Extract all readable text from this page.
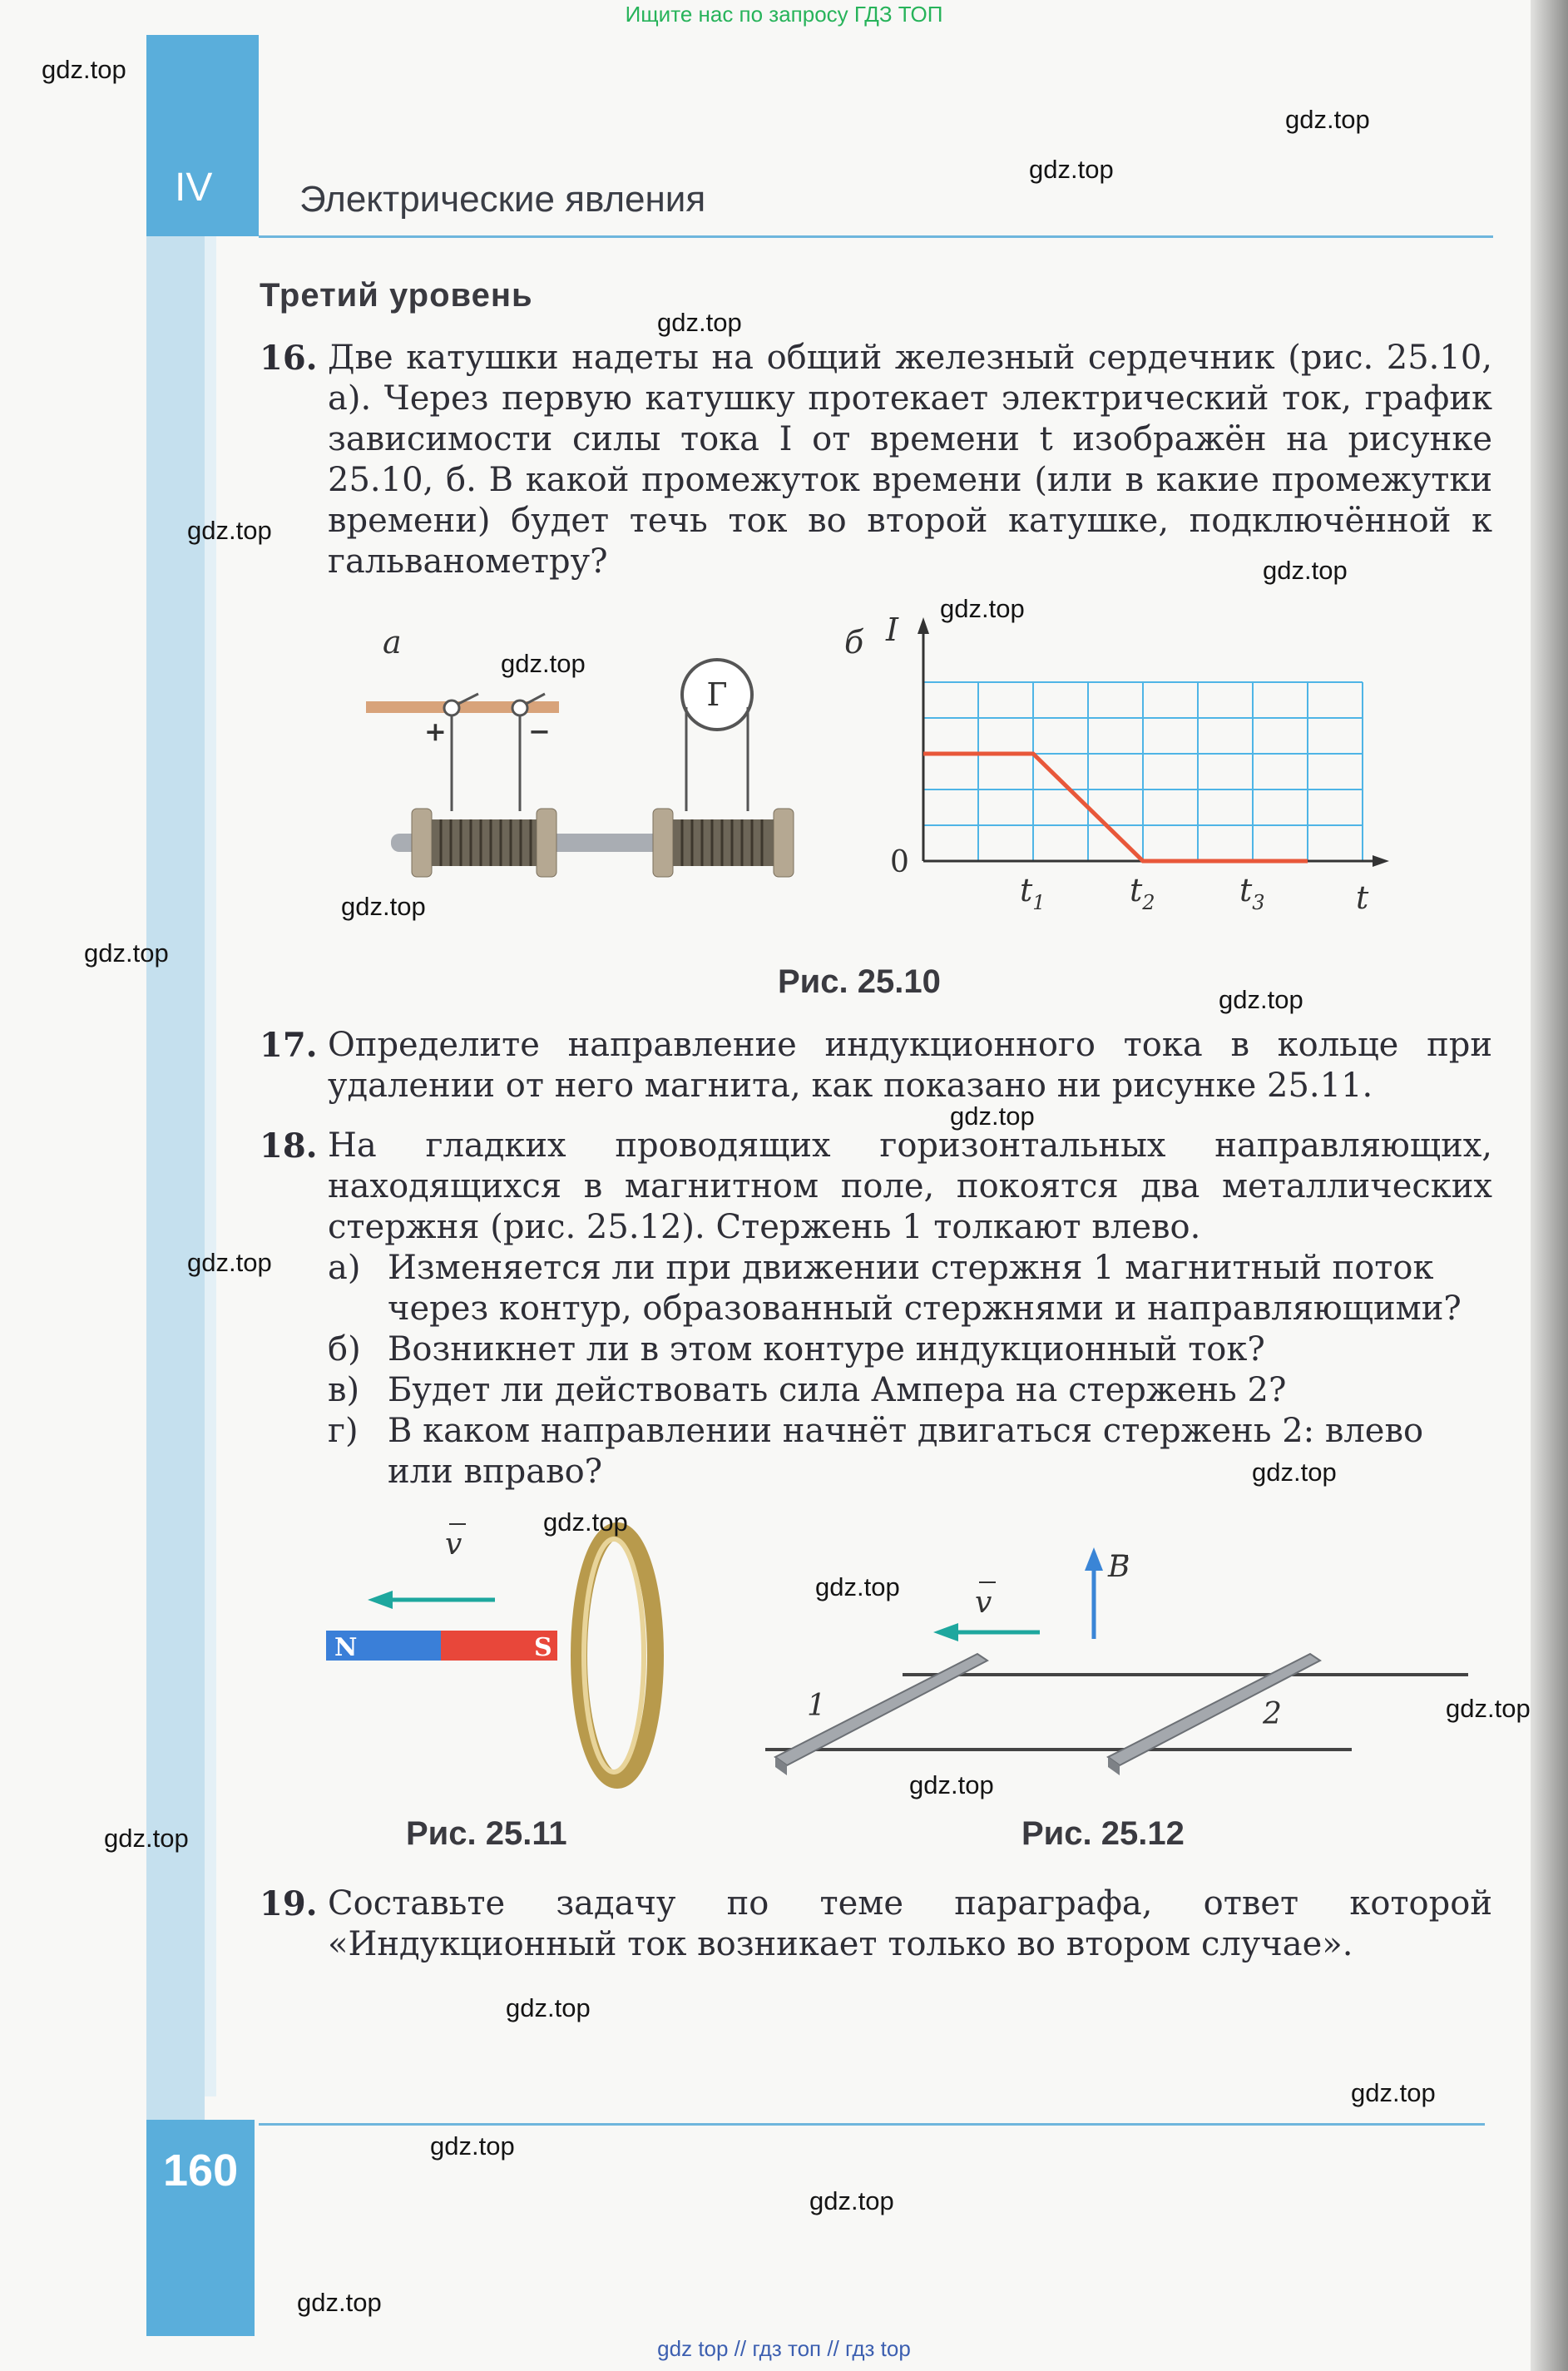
Ищите нас по запросу ГДЗ ТОП
IV Электрические явления
Третий уровень
16. Две катушки надеты на общий железный сердечник (рис. 25.10, а). Через первую катушку протекает электрический ток, график зависимости силы тока I от времени t изображён на рисунке 25.10, б. В какой промежуток времени (или в какие промежутки времени) будет течь ток во второй катушке, подключённой к гальванометру?
а
+	−
Г
б I
0
t
$t_1$	$t_2$	$t_3$
Рис. 25.10
17. Определите направление индукционного тока в кольце при удалении от него магнита, как показано ни рисунке 25.11.
18. На гладких проводящих горизонтальных направляющих, находящихся в магнитном поле, покоятся два металлических стержня (рис. 25.12). Стержень 1 толкают влево.
а) Изменяется ли при движении стержня 1 магнитный поток через контур, образованный стержнями и направляющими?
б) Возникнет ли в этом контуре индукционный ток?
в) Будет ли действовать сила Ампера на стержень 2?
г) В каком направлении начнёт двигаться стержень 2: влево или вправо?
v
N	S
Рис. 25.11
B
v
1	2
Рис. 25.12
19. Составьте задачу по теме параграфа, ответ которой «Индукционный ток возникает только во втором случае».
160
gdz.top
gdz.top
gdz.top
gdz.top
gdz.top
gdz.top
gdz.top
gdz.top
gdz.top
gdz.top
gdz.top
gdz.top
gdz.top
gdz.top
gdz.top
gdz.top
gdz.top
gdz.top
gdz.top
gdz.top
gdz.top
gdz.top
gdz.top
gdz.top
gdz top // гдз топ // гдз top
